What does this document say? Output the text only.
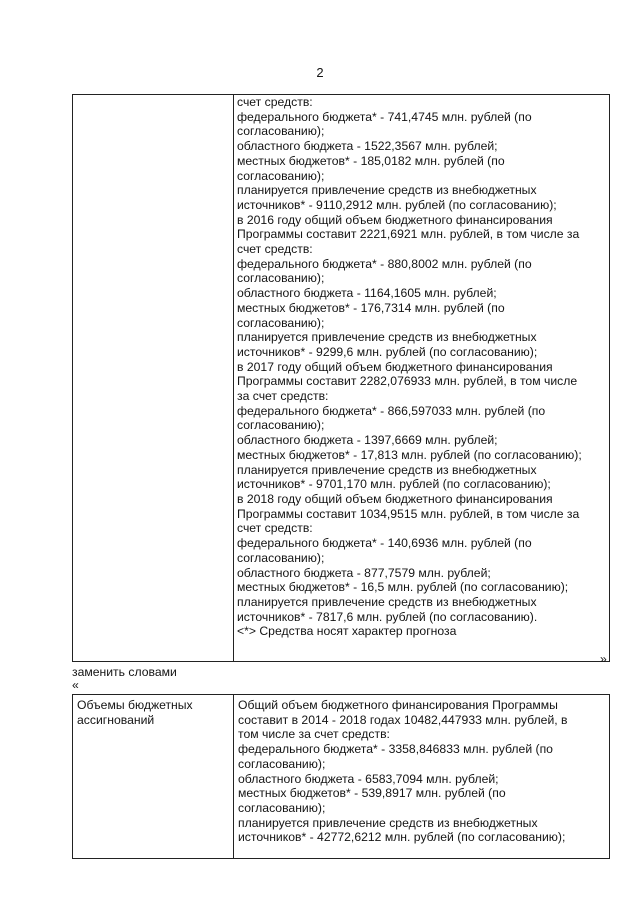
2

счет средств:
федерального бюджета* - 741,4745 млн. рублей (по
согласованию);
областного бюджета - 1522,3567 млн. рублей;
местных бюджетов* - 185,0182 млн. рублей (по
согласованию);
планируется привлечение средств из внебюджетных
источников* - 9110,2912 млн. рублей (по согласованию);
в 2016 году общий объем бюджетного финансирования
Программы составит 2221,6921 млн. рублей, в том числе за
счет средств:
федерального бюджета* - 880,8002 млн. рублей (по
согласованию);
областного бюджета - 1164,1605 млн. рублей;
местных бюджетов* - 176,7314 млн. рублей (по
согласованию);
планируется привлечение средств из внебюджетных
источников* - 9299,6 млн. рублей (по согласованию);
в 2017 году общий объем бюджетного финансирования
Программы составит 2282,076933 млн. рублей, в том числе
за счет средств:
федерального бюджета* - 866,597033 млн. рублей (по
согласованию);
областного бюджета - 1397,6669 млн. рублей;
местных бюджетов* - 17,813 млн. рублей (по согласованию);
планируется привлечение средств из внебюджетных
источников* - 9701,170 млн. рублей (по согласованию);
в 2018 году общий объем бюджетного финансирования
Программы составит 1034,9515 млн. рублей, в том числе за
счет средств:
федерального бюджета* - 140,6936 млн. рублей (по
согласованию);
областного бюджета - 877,7579 млн. рублей;
местных бюджетов* - 16,5 млн. рублей (по согласованию);
планируется привлечение средств из внебюджетных
источников* - 7817,6 млн. рублей (по согласованию).
<*> Средства носят характер прогноза
»
заменить словами
«
Объемы бюджетных
ассигнований

Общий объем бюджетного финансирования Программы
составит в 2014 - 2018 годах 10482,447933 млн. рублей, в
том числе за счет средств:
федерального бюджета* - 3358,846833 млн. рублей (по
согласованию);
областного бюджета - 6583,7094 млн. рублей;
местных бюджетов* - 539,8917 млн. рублей (по
согласованию);
планируется привлечение средств из внебюджетных
источников* - 42772,6212 млн. рублей (по согласованию);
